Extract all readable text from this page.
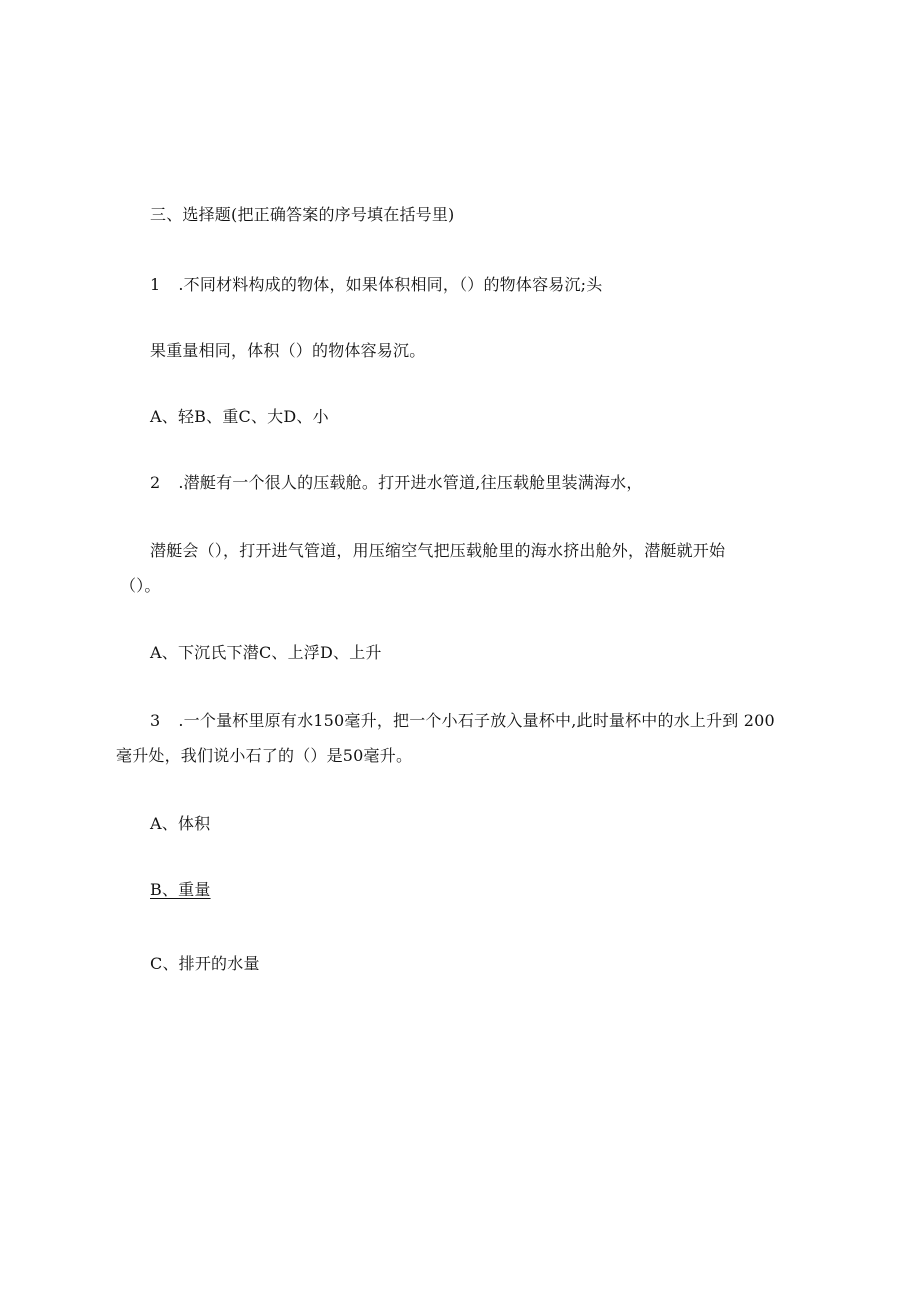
三、选择题(把正确答案的序号填在括号里)
1 .不同材料构成的物体，如果体积相同，（）的物体容易沉;头
果重量相同，体积（）的物体容易沉。
A、轻B、重C、大D、小
2 .潜艇有一个很人的压载舱。打开进水管道,往压载舱里装满海水，
潜艇会（），打开进气管道，用压缩空气把压载舱里的海水挤出舱外，潜艇就开始
（）。
A、下沉氏下潜C、上浮D、上升
3 .一个量杯里原有水150毫升，把一个小石子放入量杯中,此时量杯中的水上升到 200
毫升处，我们说小石了的（）是50毫升。
A、体积
B、重量
C、排开的水量
